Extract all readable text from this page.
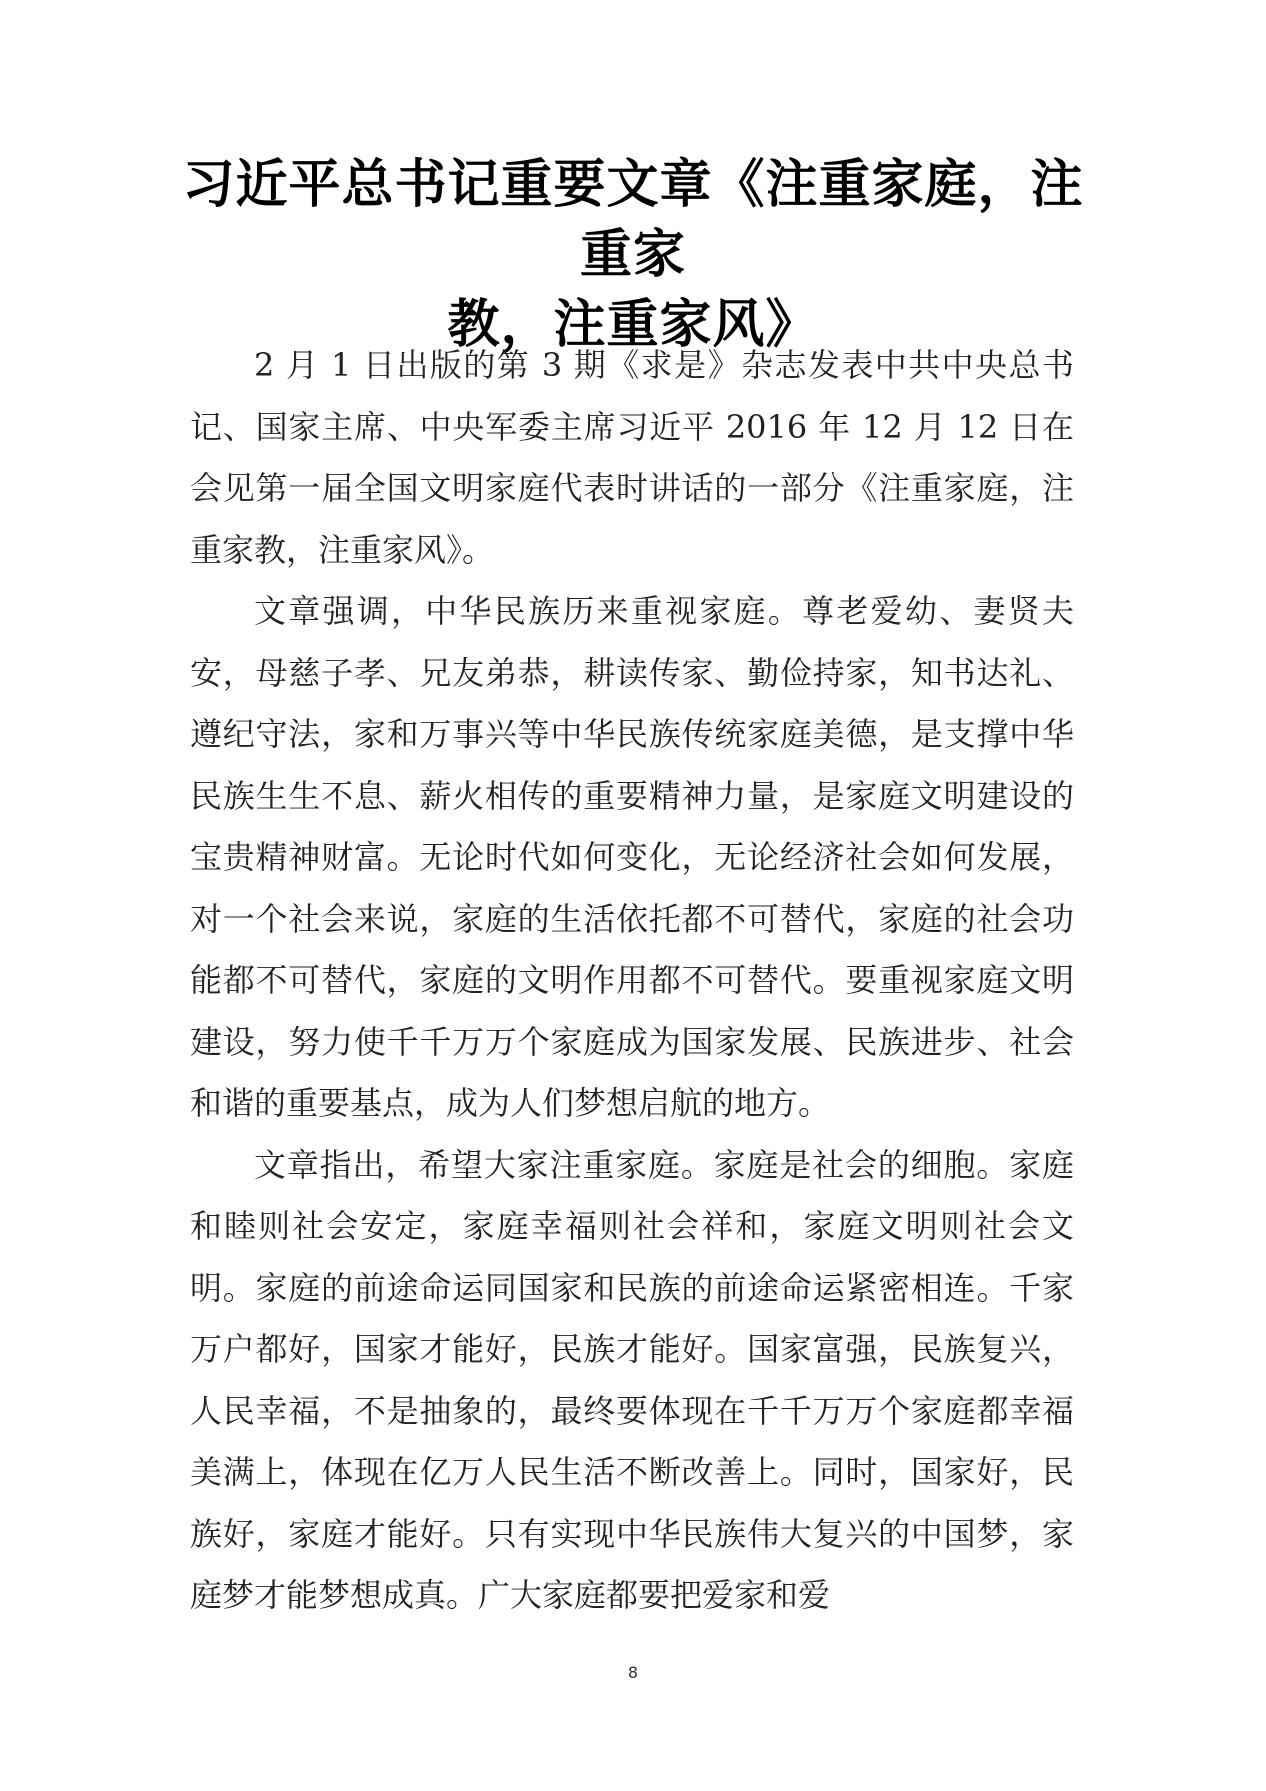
习近平总书记重要文章《注重家庭，注重家
教，注重家风》

2 月 1 日出版的第 3 期《求是》杂志发表中共中央总书记、国家主席、中央军委主席习近平 2016 年 12 月 12 日在会见第一届全国文明家庭代表时讲话的一部分《注重家庭，注重家教，注重家风》。

文章强调，中华民族历来重视家庭。尊老爱幼、妻贤夫安，母慈子孝、兄友弟恭，耕读传家、勤俭持家，知书达礼、遵纪守法，家和万事兴等中华民族传统家庭美德，是支撑中华民族生生不息、薪火相传的重要精神力量，是家庭文明建设的宝贵精神财富。无论时代如何变化，无论经济社会如何发展，对一个社会来说，家庭的生活依托都不可替代，家庭的社会功能都不可替代，家庭的文明作用都不可替代。要重视家庭文明建设，努力使千千万万个家庭成为国家发展、民族进步、社会和谐的重要基点，成为人们梦想启航的地方。

文章指出，希望大家注重家庭。家庭是社会的细胞。家庭和睦则社会安定，家庭幸福则社会祥和，家庭文明则社会文明。家庭的前途命运同国家和民族的前途命运紧密相连。千家万户都好，国家才能好，民族才能好。国家富强，民族复兴，人民幸福，不是抽象的，最终要体现在千千万万个家庭都幸福美满上，体现在亿万人民生活不断改善上。同时，国家好，民族好，家庭才能好。只有实现中华民族伟大复兴的中国梦，家庭梦才能梦想成真。广大家庭都要把爱家和爱

8
